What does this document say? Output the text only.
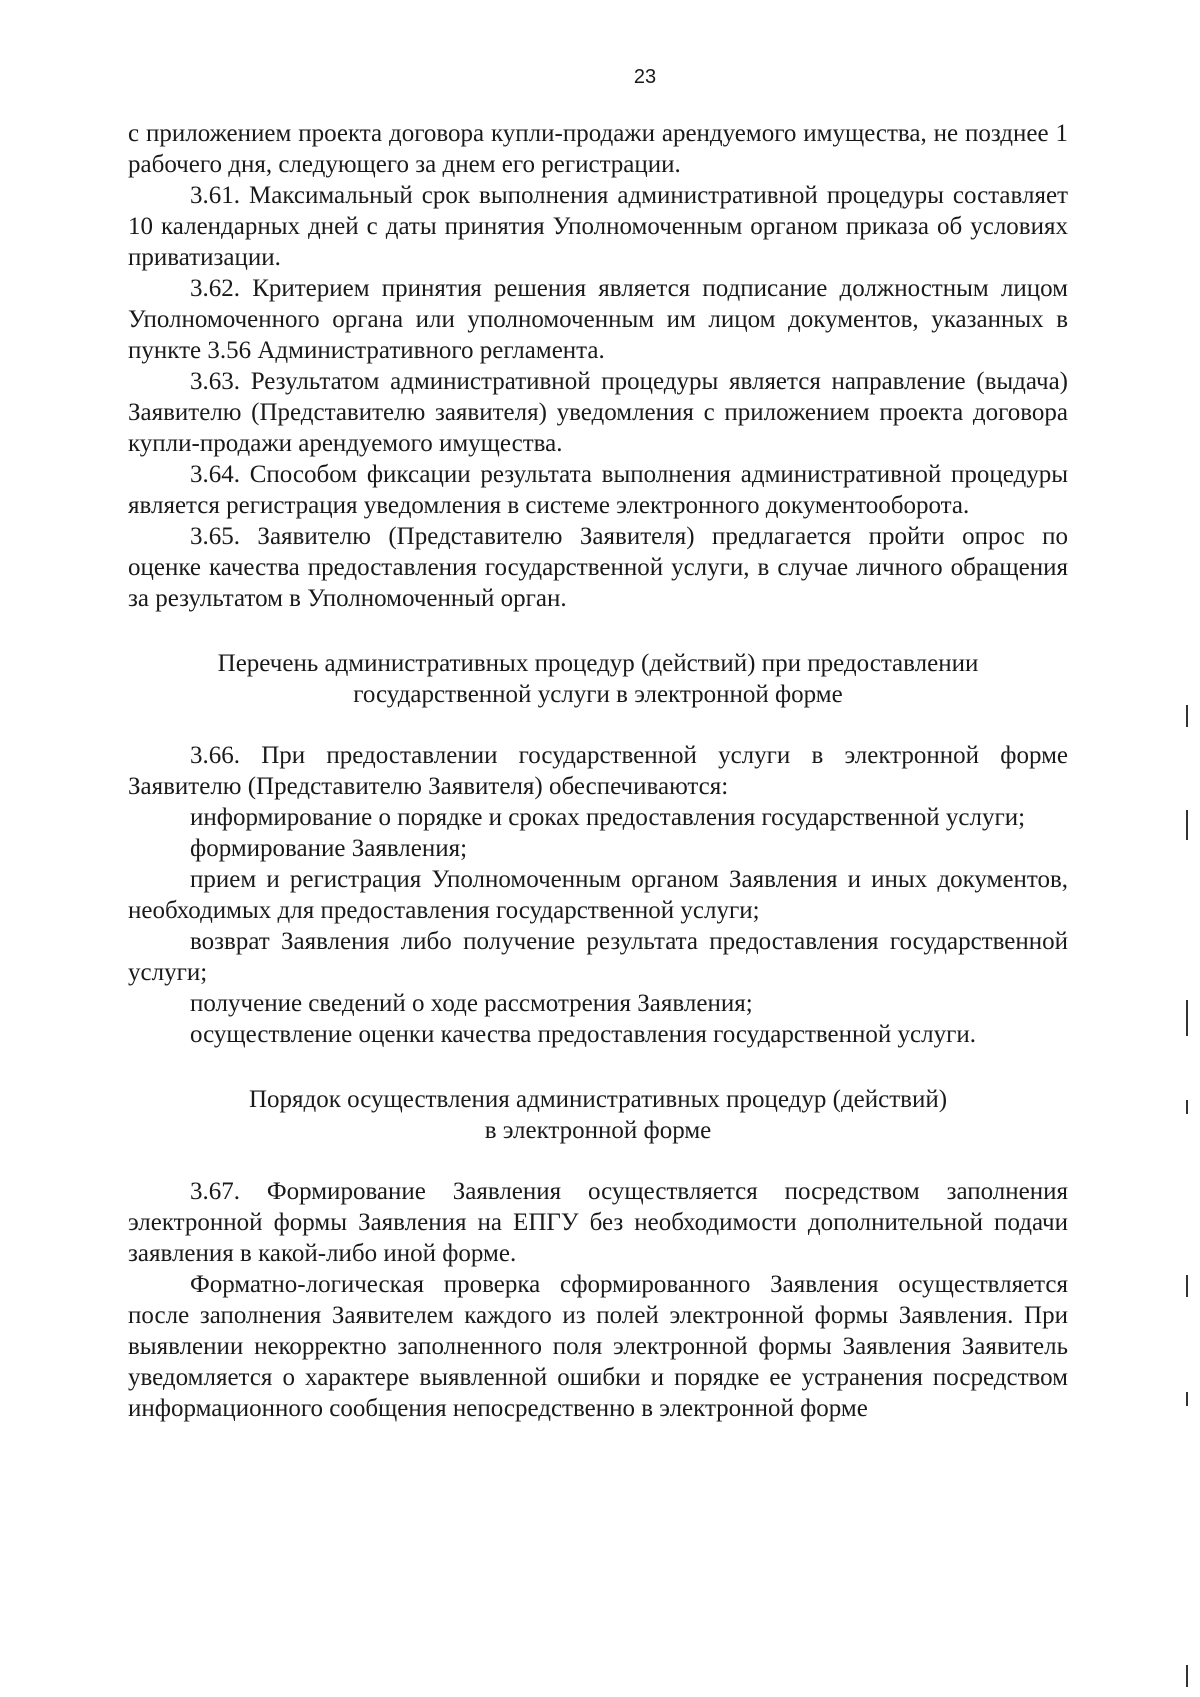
23

с приложением проекта договора купли-продажи арендуемого имущества, не позднее 1 рабочего дня, следующего за днем его регистрации.

3.61. Максимальный срок выполнения административной процедуры составляет 10 календарных дней с даты принятия Уполномоченным органом приказа об условиях приватизации.

3.62. Критерием принятия решения является подписание должностным лицом Уполномоченного органа или уполномоченным им лицом документов, указанных в пункте 3.56 Административного регламента.

3.63. Результатом административной процедуры является направление (выдача) Заявителю (Представителю заявителя) уведомления с приложением проекта договора купли-продажи арендуемого имущества.

3.64. Способом фиксации результата выполнения административной процедуры является регистрация уведомления в системе электронного документооборота.

3.65. Заявителю (Представителю Заявителя) предлагается пройти опрос по оценке качества предоставления государственной услуги, в случае личного обращения за результатом в Уполномоченный орган.

Перечень административных процедур (действий) при предоставлении
государственной услуги в электронной форме

3.66. При предоставлении государственной услуги в электронной форме Заявителю (Представителю Заявителя) обеспечиваются:

информирование о порядке и сроках предоставления государственной услуги;

формирование Заявления;

прием и регистрация Уполномоченным органом Заявления и иных документов, необходимых для предоставления государственной услуги;

возврат Заявления либо получение результата предоставления государственной услуги;

получение сведений о ходе рассмотрения Заявления;

осуществление оценки качества предоставления государственной услуги.

Порядок осуществления административных процедур (действий)
в электронной форме

3.67. Формирование Заявления осуществляется посредством заполнения электронной формы Заявления на ЕПГУ без необходимости дополнительной подачи заявления в какой-либо иной форме.

Форматно-логическая проверка сформированного Заявления осуществляется после заполнения Заявителем каждого из полей электронной формы Заявления. При выявлении некорректно заполненного поля электронной формы Заявления Заявитель уведомляется о характере выявленной ошибки и порядке ее устранения посредством информационного сообщения непосредственно в электронной форме
